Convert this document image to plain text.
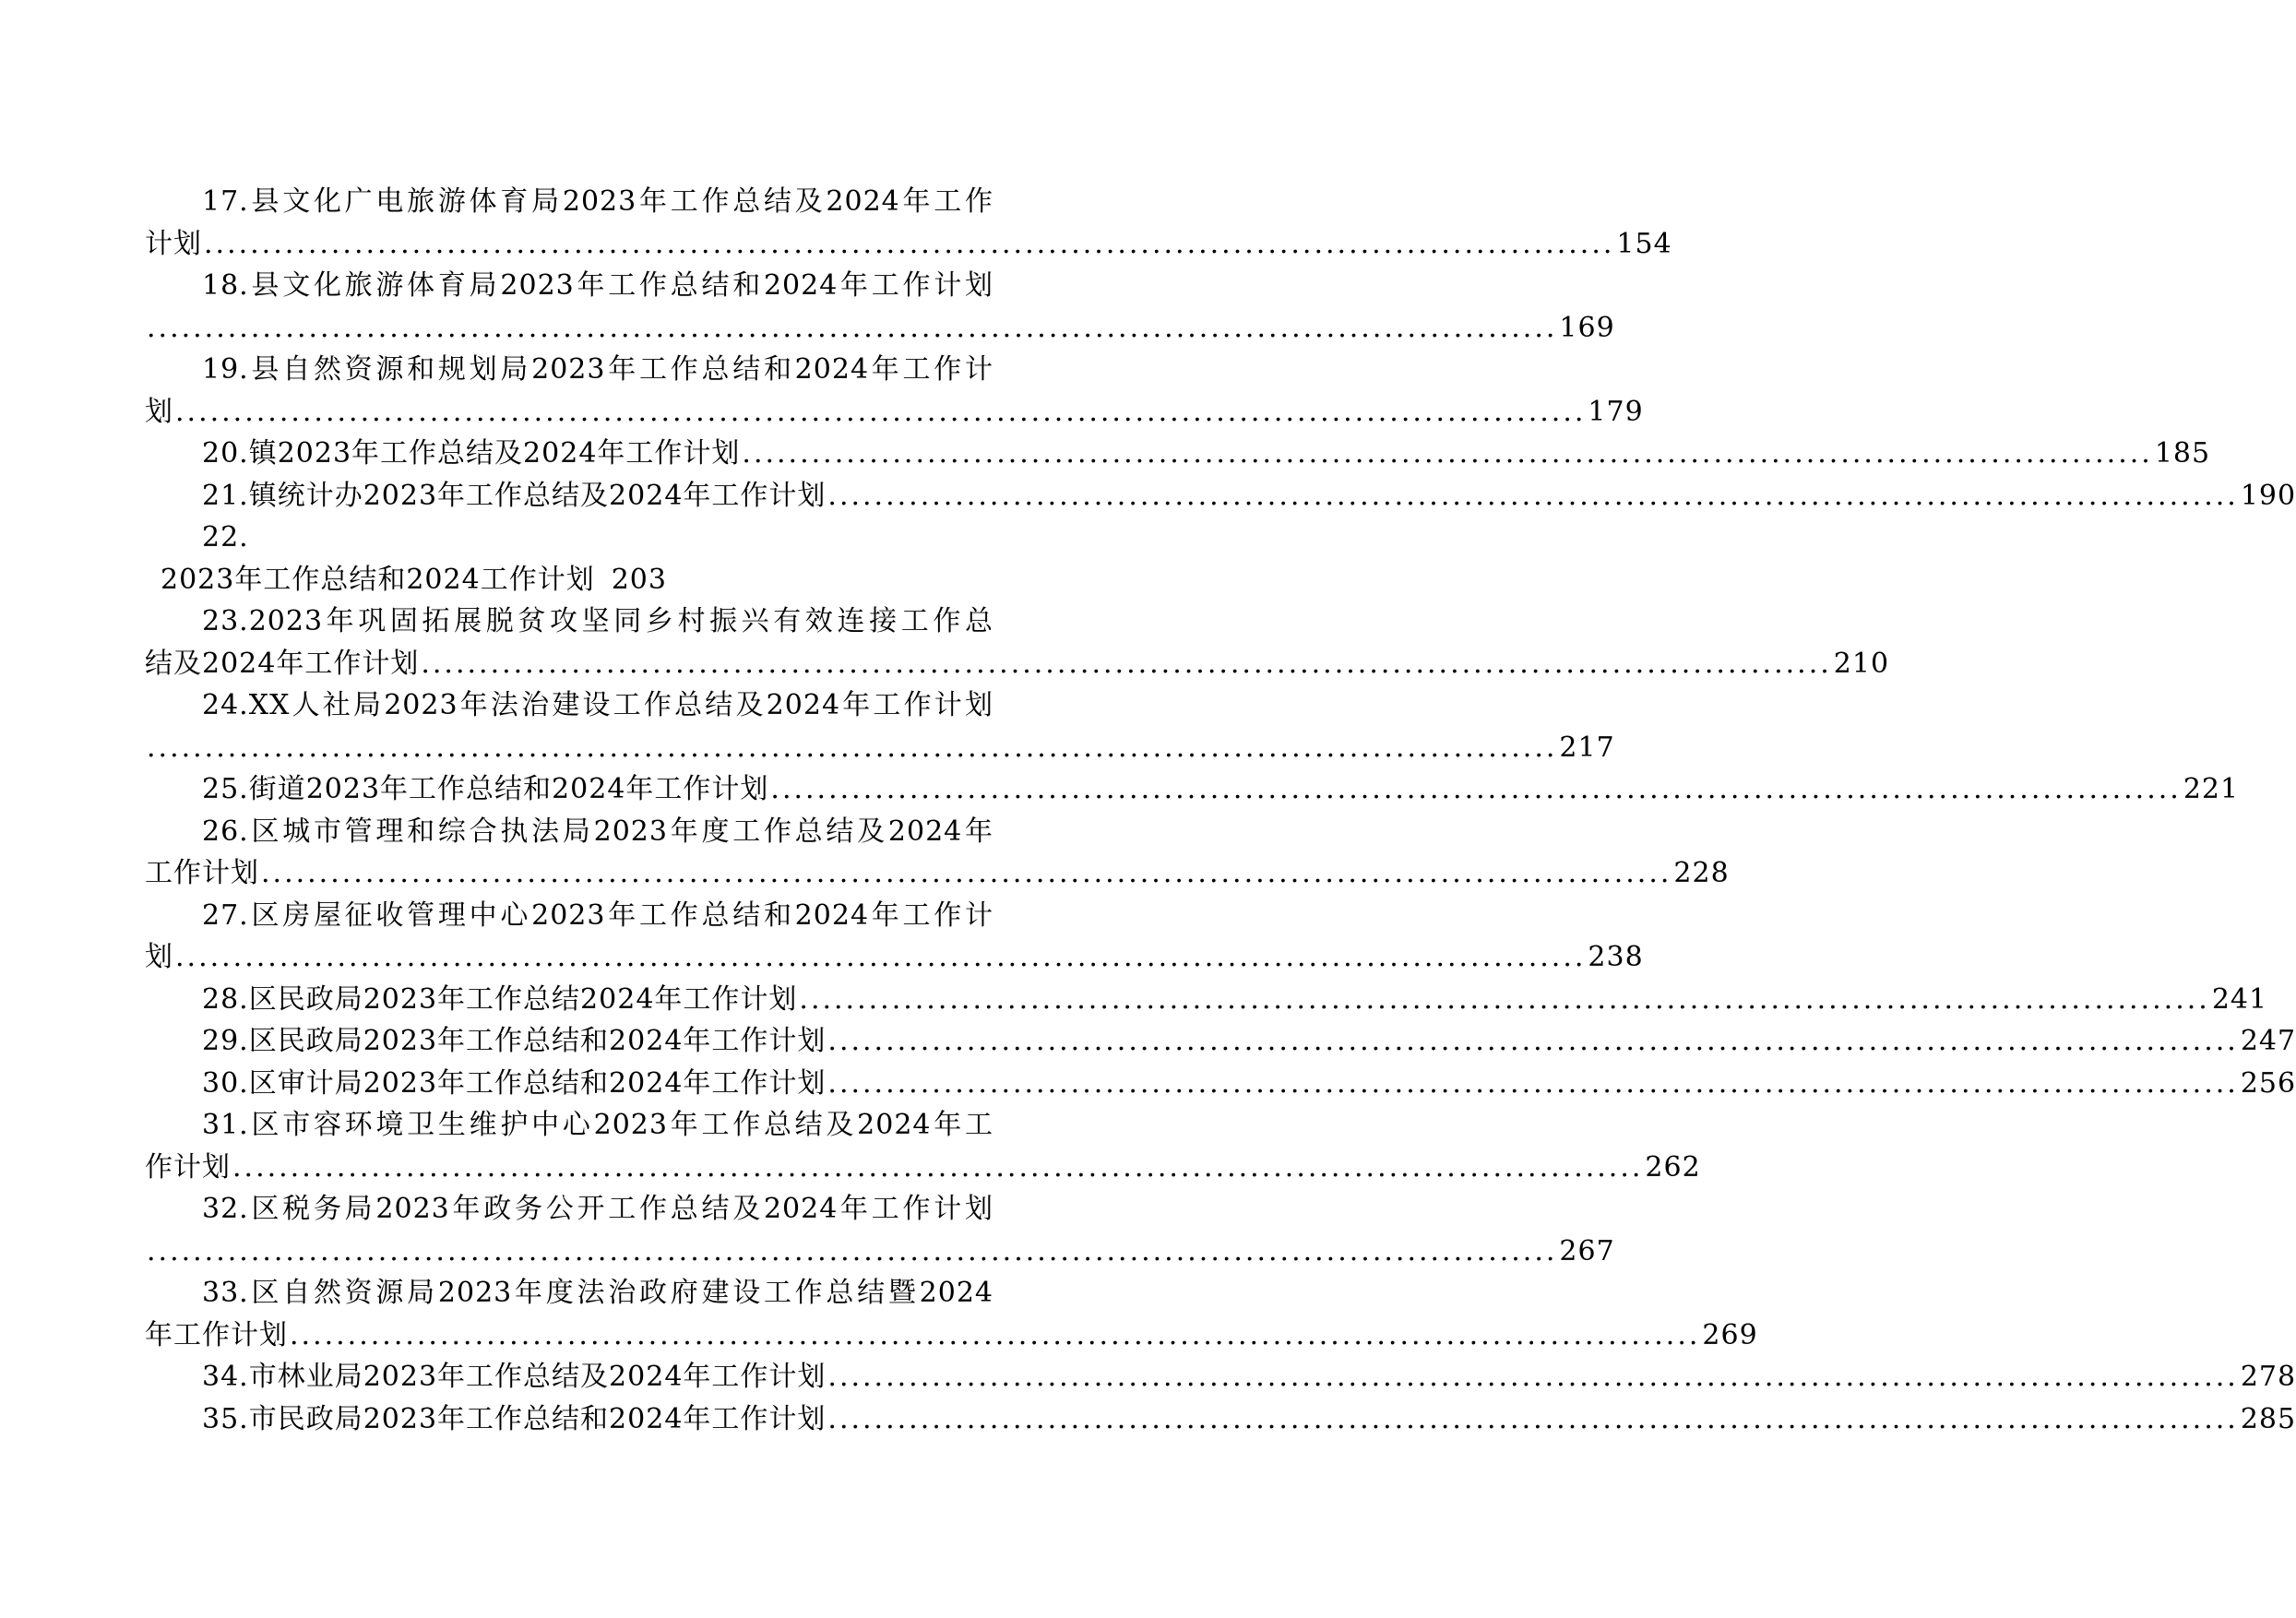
17.县文化广电旅游体育局2023年工作总结及2024年工作
计划 .......................................................................................................................... 154
18.县文化旅游体育局2023年工作总结和2024年工作计划
.......................................................................................................................... 169
19.县自然资源和规划局2023年工作总结和2024年工作计
划 .......................................................................................................................... 179
20.镇2023年工作总结及2024年工作计划 .......................................................................................................................... 185
21.镇统计办2023年工作总结及2024年工作计划 .......................................................................................................................... 190
22.
2023年工作总结和2024工作计划 203
23.2023年巩固拓展脱贫攻坚同乡村振兴有效连接工作总
结及2024年工作计划 .......................................................................................................................... 210
24.XX人社局2023年法治建设工作总结及2024年工作计划
.......................................................................................................................... 217
25.街道2023年工作总结和2024年工作计划 .......................................................................................................................... 221
26.区城市管理和综合执法局2023年度工作总结及2024年
工作计划 .......................................................................................................................... 228
27.区房屋征收管理中心2023年工作总结和2024年工作计
划 .......................................................................................................................... 238
28.区民政局2023年工作总结2024年工作计划 .......................................................................................................................... 241
29.区民政局2023年工作总结和2024年工作计划 .......................................................................................................................... 247
30.区审计局2023年工作总结和2024年工作计划 .......................................................................................................................... 256
31.区市容环境卫生维护中心2023年工作总结及2024年工
作计划 .......................................................................................................................... 262
32.区税务局2023年政务公开工作总结及2024年工作计划
.......................................................................................................................... 267
33.区自然资源局2023年度法治政府建设工作总结暨2024
年工作计划 .......................................................................................................................... 269
34.市林业局2023年工作总结及2024年工作计划 .......................................................................................................................... 278
35.市民政局2023年工作总结和2024年工作计划 .......................................................................................................................... 285
